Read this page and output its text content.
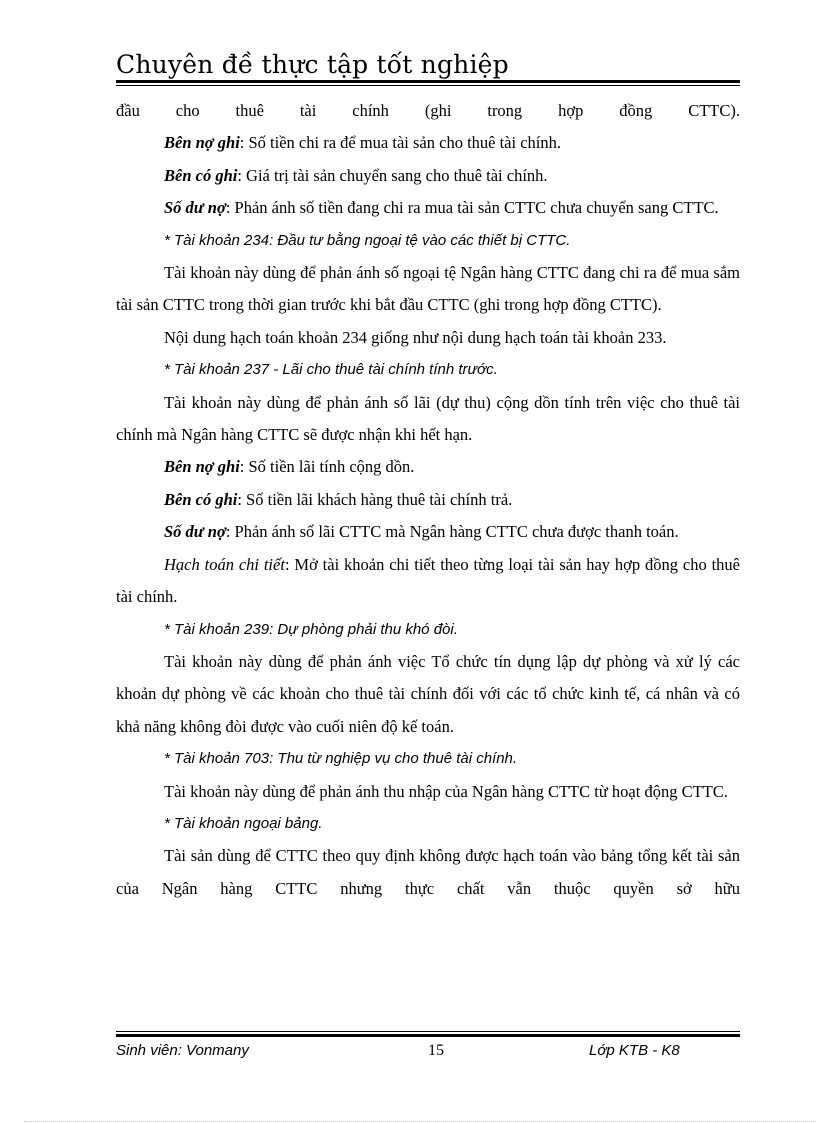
Chuyên đề thực tập tốt nghiệp

đầu cho thuê tài chính (ghi trong hợp đồng CTTC).

Bên nợ ghi: Số tiền chi ra để mua tài sản cho thuê tài chính.

Bên có ghi: Giá trị tài sản chuyển sang cho thuê tài chính.

Số dư nợ: Phản ánh số tiền đang chi ra mua tài sản CTTC chưa chuyển sang CTTC.

* Tài khoản 234: Đầu tư bằng ngoại tệ vào các thiết bị CTTC.

Tài khoản này dùng để phản ánh số ngoại tệ Ngân hàng CTTC đang chi ra để mua sắm tài sản CTTC trong thời gian trước khi bắt đầu CTTC (ghi trong hợp đồng CTTC).

Nội dung hạch toán khoản 234 giống như nội dung hạch toán tài khoản 233.

* Tài khoản 237 - Lãi cho thuê tài chính tính trước.

Tài khoản này dùng để phản ánh số lãi (dự thu) cộng dồn tính trên việc cho thuê tài chính mà Ngân hàng CTTC sẽ được nhận khi hết hạn.

Bên nợ ghi: Số tiền lãi tính cộng dồn.

Bên có ghi: Số tiền lãi khách hàng thuê tài chính trả.

Số dư nợ: Phản ánh số lãi CTTC mà Ngân hàng CTTC chưa được thanh toán.

Hạch toán chi tiết: Mở tài khoản chi tiết theo từng loại tài sản hay hợp đồng cho thuê tài chính.

* Tài khoản 239: Dự phòng phải thu khó đòi.

Tài khoản này dùng để phản ánh việc Tổ chức tín dụng lập dự phòng và xử lý các khoản dự phòng về các khoản cho thuê tài chính đối với các tổ chức kinh tế, cá nhân và có khả năng không đòi được vào cuối niên độ kế toán.

* Tài khoản 703: Thu từ nghiệp vụ cho thuê tài chính.

Tài khoản này dùng để phản ánh thu nhập của Ngân hàng CTTC từ hoạt động CTTC.

* Tài khoản ngoại bảng.

Tài sản dùng để CTTC theo quy định không được hạch toán vào bảng tổng kết tài sản của Ngân hàng CTTC nhưng thực chất vẫn thuộc quyền sở hữu

Sinh viên: Vonmany	15	Lớp KTB - K8
